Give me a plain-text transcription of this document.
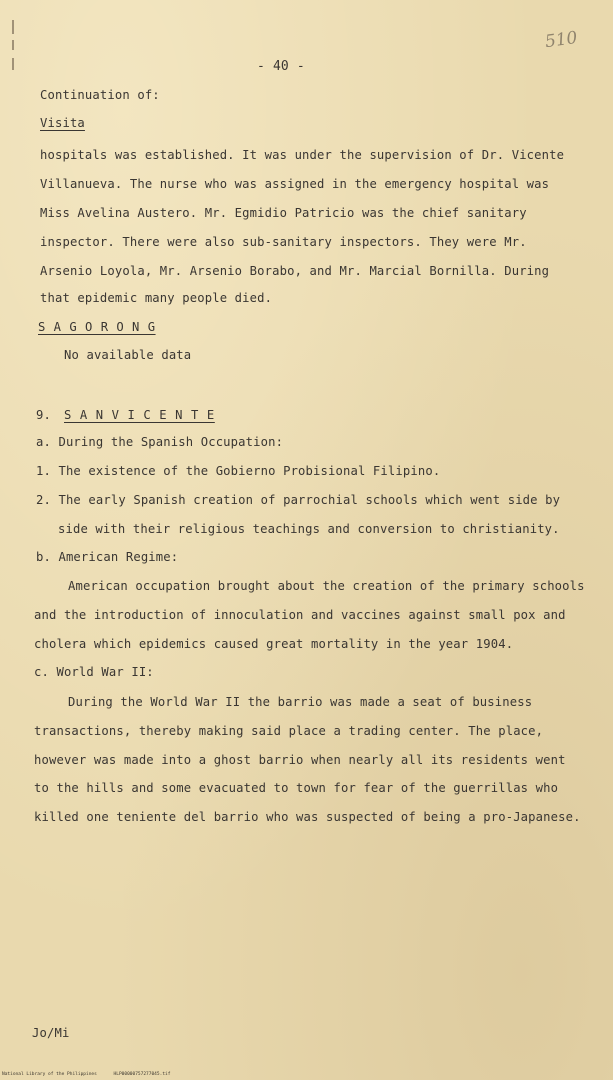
510
- 40 -
Continuation of:
Visita
hospitals was established. It was under the supervision of Dr. Vicente
Villanueva. The nurse who was assigned in the emergency hospital was
Miss Avelina Austero. Mr. Egmidio Patricio was the chief sanitary
inspector. There were also sub-sanitary inspectors. They were Mr.
Arsenio Loyola, Mr. Arsenio Borabo, and Mr. Marcial Bornilla. During
that epidemic many people died.
S A G O R O N G
No available data
9. S A N V I C E N T E
a. During the Spanish Occupation:
1. The existence of the Gobierno Probisional Filipino.
2. The early Spanish creation of parrochial schools which went side by
side with their religious teachings and conversion to christianity.
b. American Regime:
American occupation brought about the creation of the primary schools
and the introduction of innoculation and vaccines against small pox and
cholera which epidemics caused great mortality in the year 1904.
c. World War II:
During the World War II the barrio was made a seat of business
transactions, thereby making said place a trading center. The place,
however was made into a ghost barrio when nearly all its residents went
to the hills and some evacuated to town for fear of the guerrillas who
killed one teniente del barrio who was suspected of being a pro-Japanese.
Jo/Mi
National Library of the Philippines	HLP00000757277045.tif
